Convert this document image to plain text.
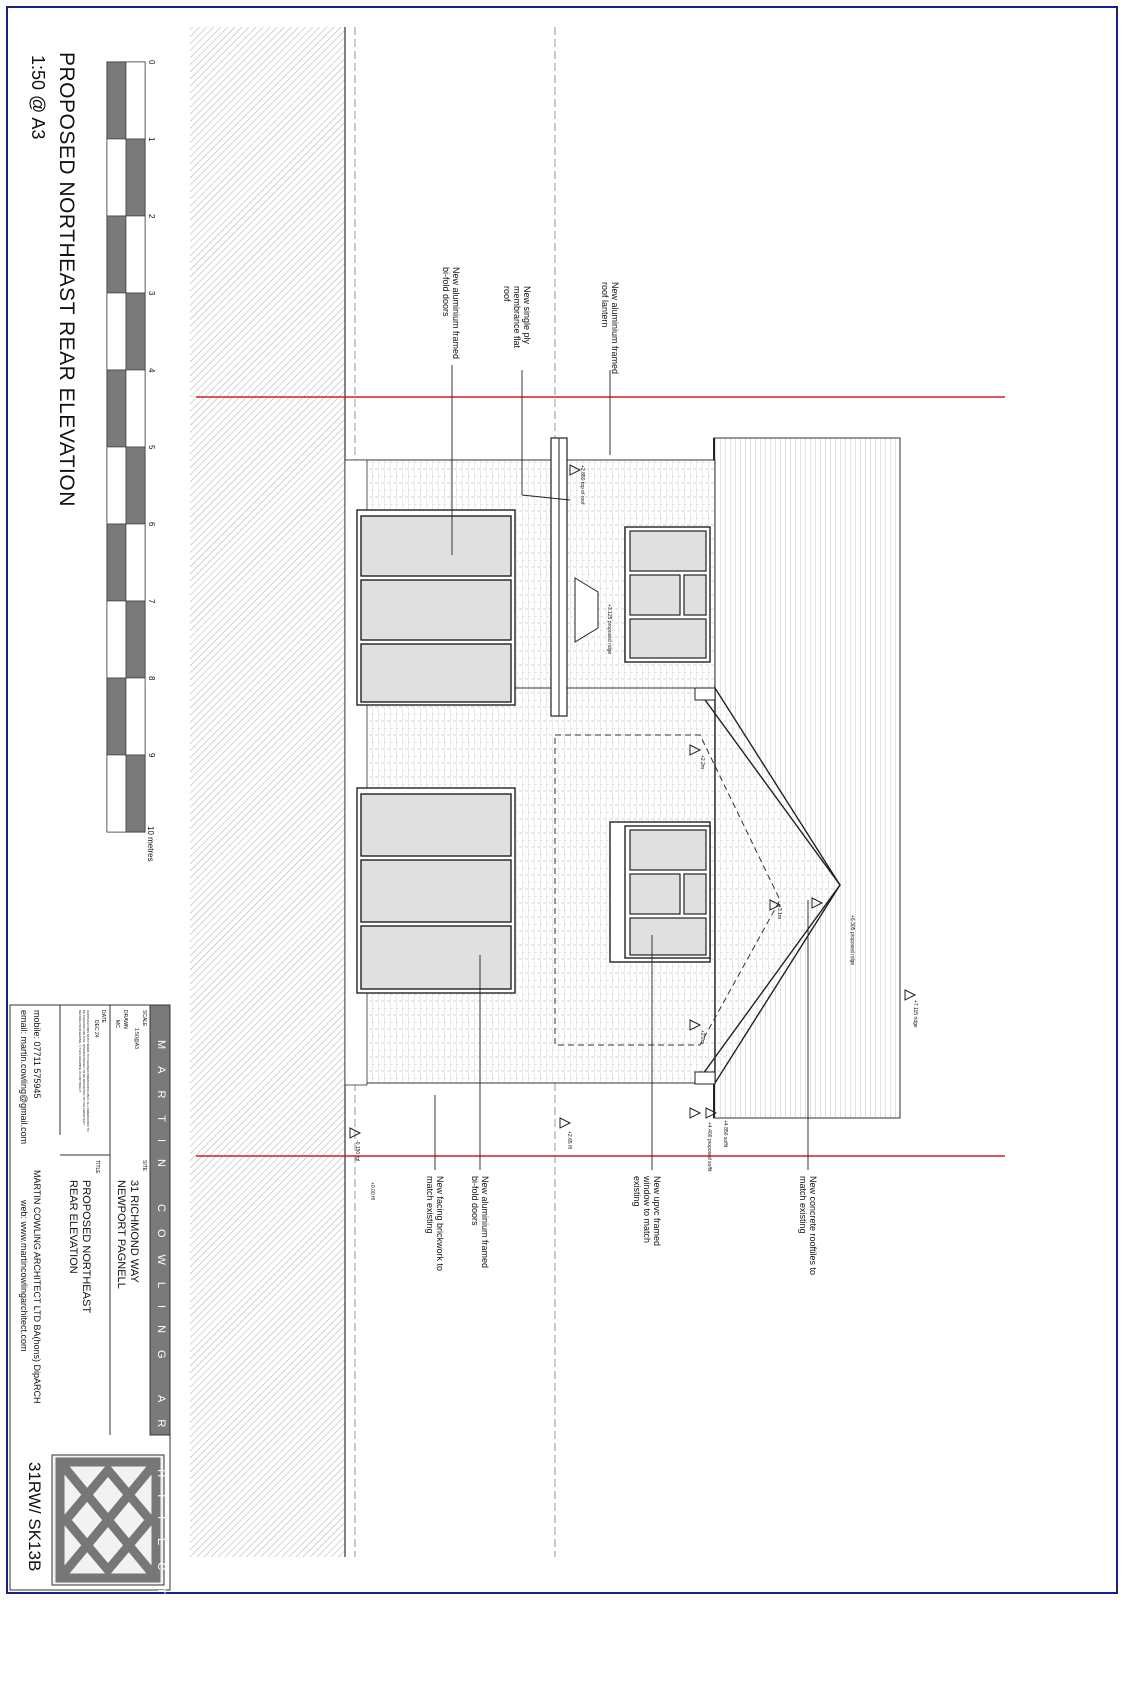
0
1
2
3
4
5
6
7
8
9
PROPOSED NORTHEAST REAR ELEVATION
1:50 @ A3
10 metres
New aluminium framed roof lantern
New single ply membrance flat roof
New aluminium framed bi-fold doors
New concrete rooftiles to match existing
New upvc framed window to match existing
New aluminium framed bi-fold doors
New facing brickwork to match existing
+7.115 ridge
+6.305 proposed ridge
+3.125 proposed ridge
+2.850 top of roof
+4.850 soffit
+4.400 proposed soffit
+2.2m
+2.2m
+3.1m
+2.65 ffl
-0.150 fgl
+0.00 ffl
MARTIN COWLING ARCHITECT LTD
SCALE
1:50@A3
DRAWN
MC
DATE
DEC 24
CONTRACTORS MUST WORK TO FIGURED DIMENSIONS ONLY. ALL DIMENSIONS TO BE CHECKED ON SITE. DISCREPANCIES TO BE REPORTED TO THE ARCHITECT BEFORE PROCEEDING. © THIS DRAWING IS COPYRIGHT
SITE
31 RICHMOND WAY
NEWPORT PAGNELL
TITLE
PROPOSED NORTHEAST
REAR ELEVATION
mobile: 07711 575945
email: martin.cowling@gmail.com
MARTIN COWLING ARCHITECT LTD BA(hons) DipARCH
web: www.martincowlingarchitect.com
31RW/ SK13B
